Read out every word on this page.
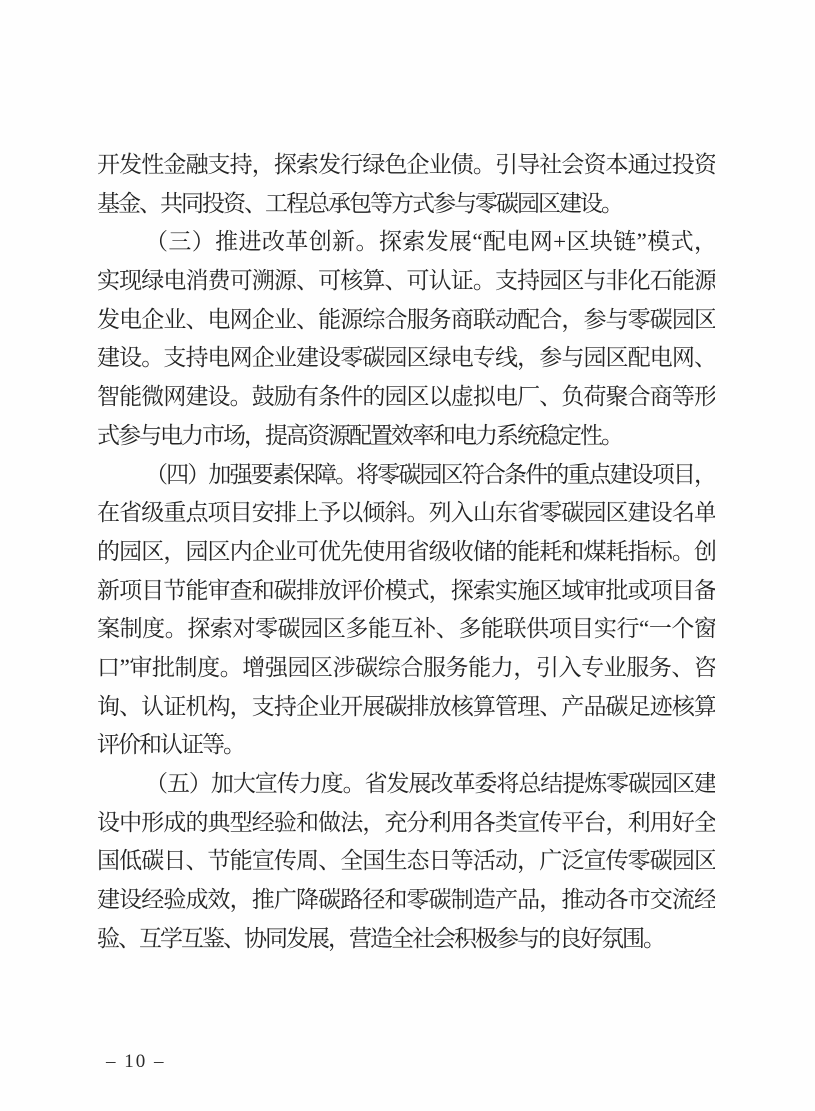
开发性金融支持，探索发行绿色企业债。引导社会资本通过投资
基金、共同投资、工程总承包等方式参与零碳园区建设。
（三）推进改革创新。探索发展“配电网+区块链”模式，
实现绿电消费可溯源、可核算、可认证。支持园区与非化石能源
发电企业、电网企业、能源综合服务商联动配合，参与零碳园区
建设。支持电网企业建设零碳园区绿电专线，参与园区配电网、
智能微网建设。鼓励有条件的园区以虚拟电厂、负荷聚合商等形
式参与电力市场，提高资源配置效率和电力系统稳定性。
（四）加强要素保障。将零碳园区符合条件的重点建设项目，
在省级重点项目安排上予以倾斜。列入山东省零碳园区建设名单
的园区，园区内企业可优先使用省级收储的能耗和煤耗指标。创
新项目节能审查和碳排放评价模式，探索实施区域审批或项目备
案制度。探索对零碳园区多能互补、多能联供项目实行“一个窗
口”审批制度。增强园区涉碳综合服务能力，引入专业服务、咨
询、认证机构，支持企业开展碳排放核算管理、产品碳足迹核算
评价和认证等。
（五）加大宣传力度。省发展改革委将总结提炼零碳园区建
设中形成的典型经验和做法，充分利用各类宣传平台，利用好全
国低碳日、节能宣传周、全国生态日等活动，广泛宣传零碳园区
建设经验成效，推广降碳路径和零碳制造产品，推动各市交流经
验、互学互鉴、协同发展，营造全社会积极参与的良好氛围。
– 10 –
